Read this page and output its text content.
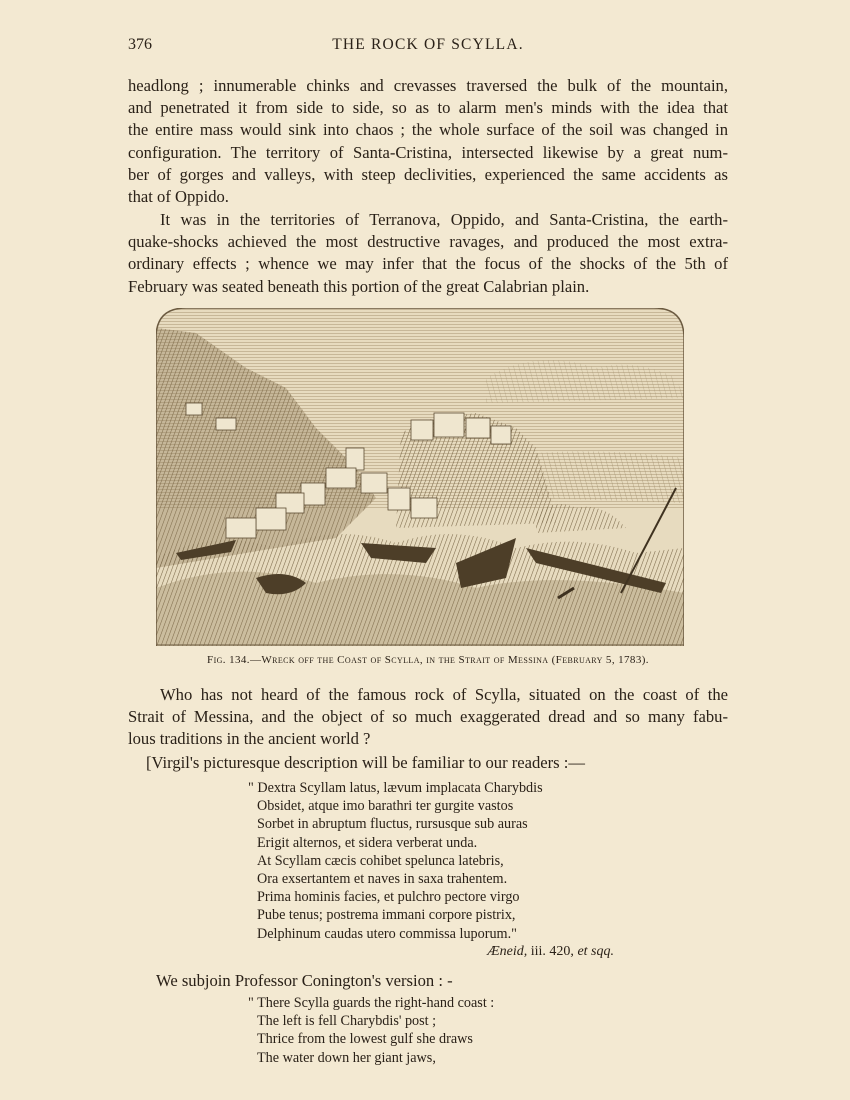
376	THE ROCK OF SCYLLA.

headlong ; innumerable chinks and crevasses traversed the bulk of the mountain,
and penetrated it from side to side, so as to alarm men's minds with the idea that
the entire mass would sink into chaos ; the whole surface of the soil was changed in
configuration. The territory of Santa-Cristina, intersected likewise by a great num-
ber of gorges and valleys, with steep declivities, experienced the same accidents as
that of Oppido.

It was in the territories of Terranova, Oppido, and Santa-Cristina, the earth-
quake-shocks achieved the most destructive ravages, and produced the most extra-
ordinary effects ; whence we may infer that the focus of the shocks of the 5th of
February was seated beneath this portion of the great Calabrian plain.

Fig. 134.—Wreck off the Coast of Scylla, in the Strait of Messina (February 5, 1783).

Who has not heard of the famous rock of Scylla, situated on the coast of the
Strait of Messina, and the object of so much exaggerated dread and so many fabu-
lous traditions in the ancient world ?

[Virgil's picturesque description will be familiar to our readers :—

" Dextra Scyllam latus, lævum implacata Charybdis
Obsidet, atque imo barathri ter gurgite vastos
Sorbet in abruptum fluctus, rursusque sub auras
Erigit alternos, et sidera verberat unda.
At Scyllam cæcis cohibet spelunca latebris,
Ora exsertantem et naves in saxa trahentem.
Prima hominis facies, et pulchro pectore virgo
Pube tenus; postrema immani corpore pistrix,
Delphinum caudas utero commissa luporum."
Æneid, iii. 420, et sqq.

We subjoin Professor Conington's version : -

" There Scylla guards the right-hand coast :
The left is fell Charybdis' post ;
Thrice from the lowest gulf she draws
The water down her giant jaws,
